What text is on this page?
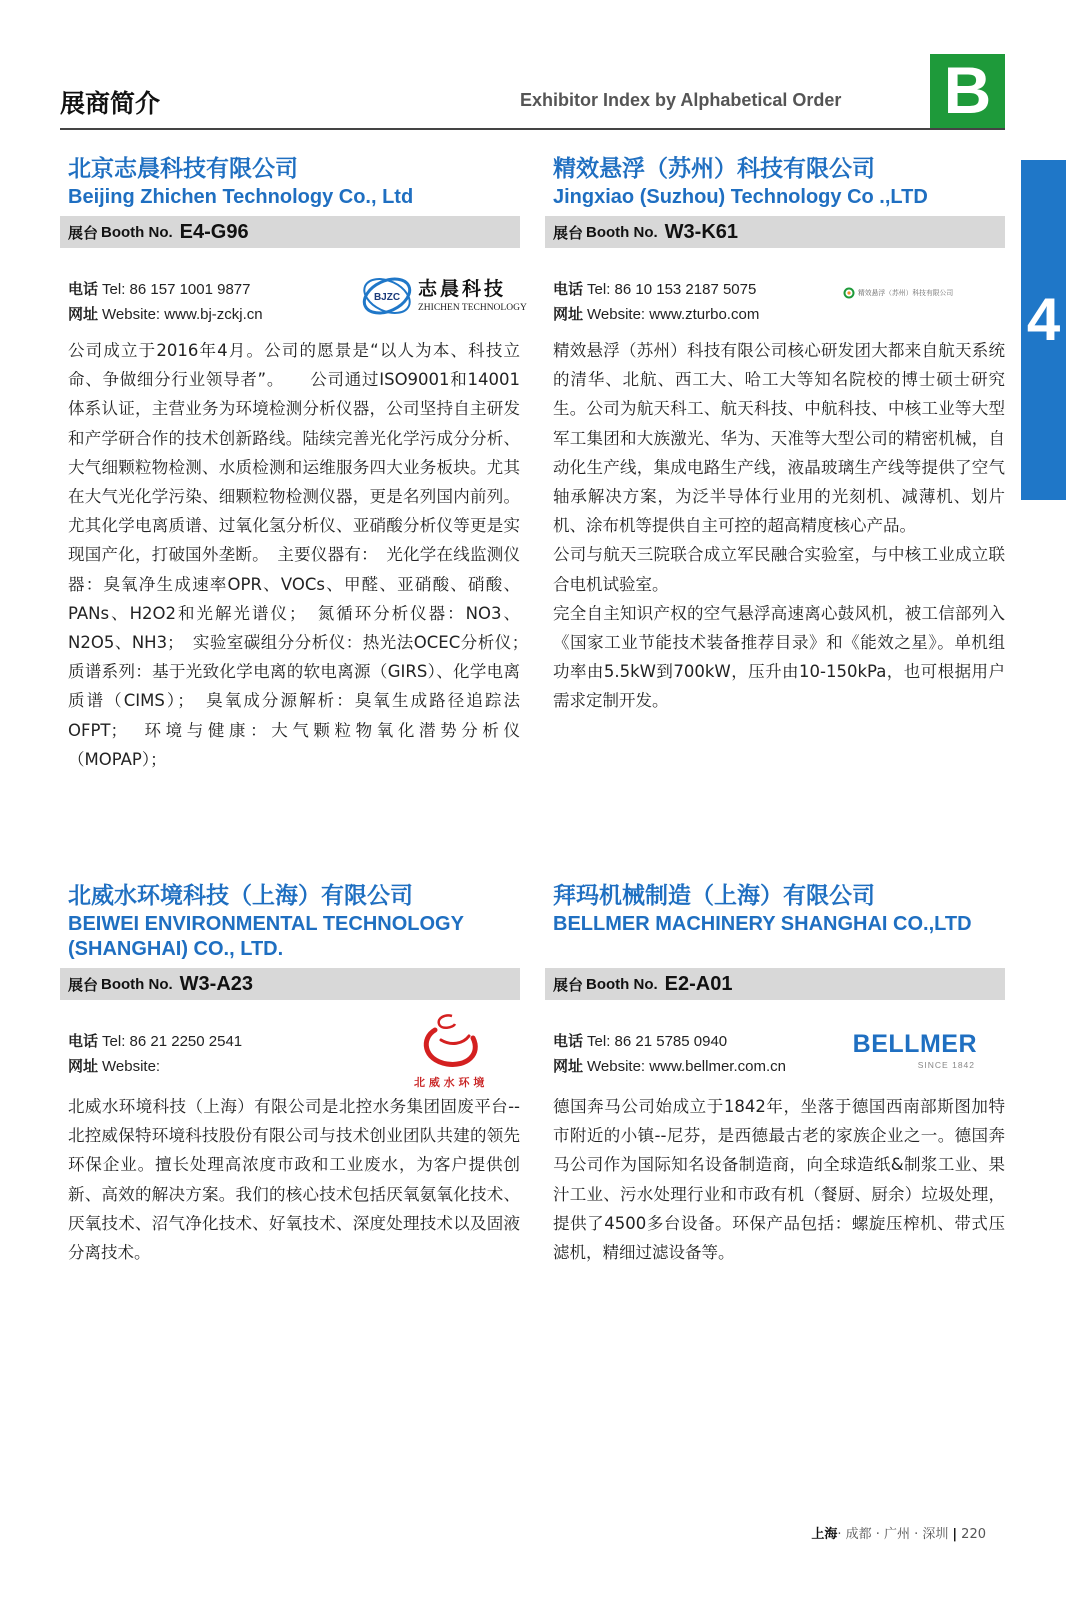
展商简介	Exhibitor Index by Alphabetical Order B
4
北京志晨科技有限公司
Beijing Zhichen Technology Co., Ltd
展台 Booth No. E4-G96
电话 Tel: 86 157 1001 9877
网址 Website: www.bj-zckj.cn
BJZC 志晨科技
ZHICHEN TECHNOLOGY
公司成立于2016年4月。公司的愿景是“以人为本、科技立命、争做细分行业领导者”。　　公司通过ISO9001和14001体系认证，主营业务为环境检测分析仪器，公司坚持自主研发和产学研合作的技术创新路线。陆续完善光化学污成分分析、大气细颗粒物检测、水质检测和运维服务四大业务板块。尤其在大气光化学污染、细颗粒物检测仪器，更是名列国内前列。尤其化学电离质谱、过氧化氢分析仪、亚硝酸分析仪等更是实现国产化，打破国外垄断。　主要仪器有：　光化学在线监测仪器：臭氧净生成速率OPR、VOCs、甲醛、亚硝酸、硝酸、PANs、H2O2和光解光谱仪；　氮循环分析仪器：NO3、N2O5、NH3；　实验室碳组分分析仪：热光法OCEC分析仪；　质谱系列：基于光致化学电离的软电离源（GIRS）、化学电离质谱（CIMS）；　臭氧成分源解析：臭氧生成路径追踪法OFPT；　环境与健康：大气颗粒物氧化潜势分析仪（MOPAP）；
精效悬浮（苏州）科技有限公司
Jingxiao (Suzhou) Technology Co .,LTD
展台 Booth No. W3-K61
电话 Tel: 86 10 153 2187 5075
网址 Website: www.zturbo.com
精效悬浮（苏州）科技有限公司
精效悬浮（苏州）科技有限公司核心研发团大都来自航天系统的清华、北航、西工大、哈工大等知名院校的博士硕士研究生。公司为航天科工、航天科技、中航科技、中核工业等大型军工集团和大族激光、华为、天准等大型公司的精密机械，自动化生产线，集成电路生产线，液晶玻璃生产线等提供了空气轴承解决方案，为泛半导体行业用的光刻机、减薄机、划片机、涂布机等提供自主可控的超高精度核心产品。
公司与航天三院联合成立军民融合实验室，与中核工业成立联合电机试验室。
完全自主知识产权的空气悬浮高速离心鼓风机，被工信部列入《国家工业节能技术装备推荐目录》和《能效之星》。单机组功率由5.5kW到700kW，压升由10-150kPa，也可根据用户需求定制开发。
北威水环境科技（上海）有限公司
BEIWEI ENVIRONMENTAL TECHNOLOGY (SHANGHAI) CO., LTD.
展台 Booth No. W3-A23
电话 Tel: 86 21 2250 2541
网址 Website:
北 威 水 环 境
北威水环境科技（上海）有限公司是北控水务集团固废平台--北控威保特环境科技股份有限公司与技术创业团队共建的领先环保企业。擅长处理高浓度市政和工业废水，为客户提供创新、高效的解决方案。我们的核心技术包括厌氧氨氧化技术、厌氧技术、沼气净化技术、好氧技术、深度处理技术以及固液分离技术。
拜玛机械制造（上海）有限公司
BELLMER MACHINERY SHANGHAI CO.,LTD
展台 Booth No. E2-A01
电话 Tel: 86 21 5785 0940
网址 Website: www.bellmer.com.cn
BELLMER
SINCE 1842
德国奔马公司始成立于1842年，坐落于德国西南部斯图加特市附近的小镇--尼芬，是西德最古老的家族企业之一。德国奔马公司作为国际知名设备制造商，向全球造纸&制浆工业、果汁工业、污水处理行业和市政有机（餐厨、厨余）垃圾处理，提供了4500多台设备。环保产品包括：螺旋压榨机、带式压滤机，精细过滤设备等。
上海· 成都 · 广州 · 深圳 | 220
